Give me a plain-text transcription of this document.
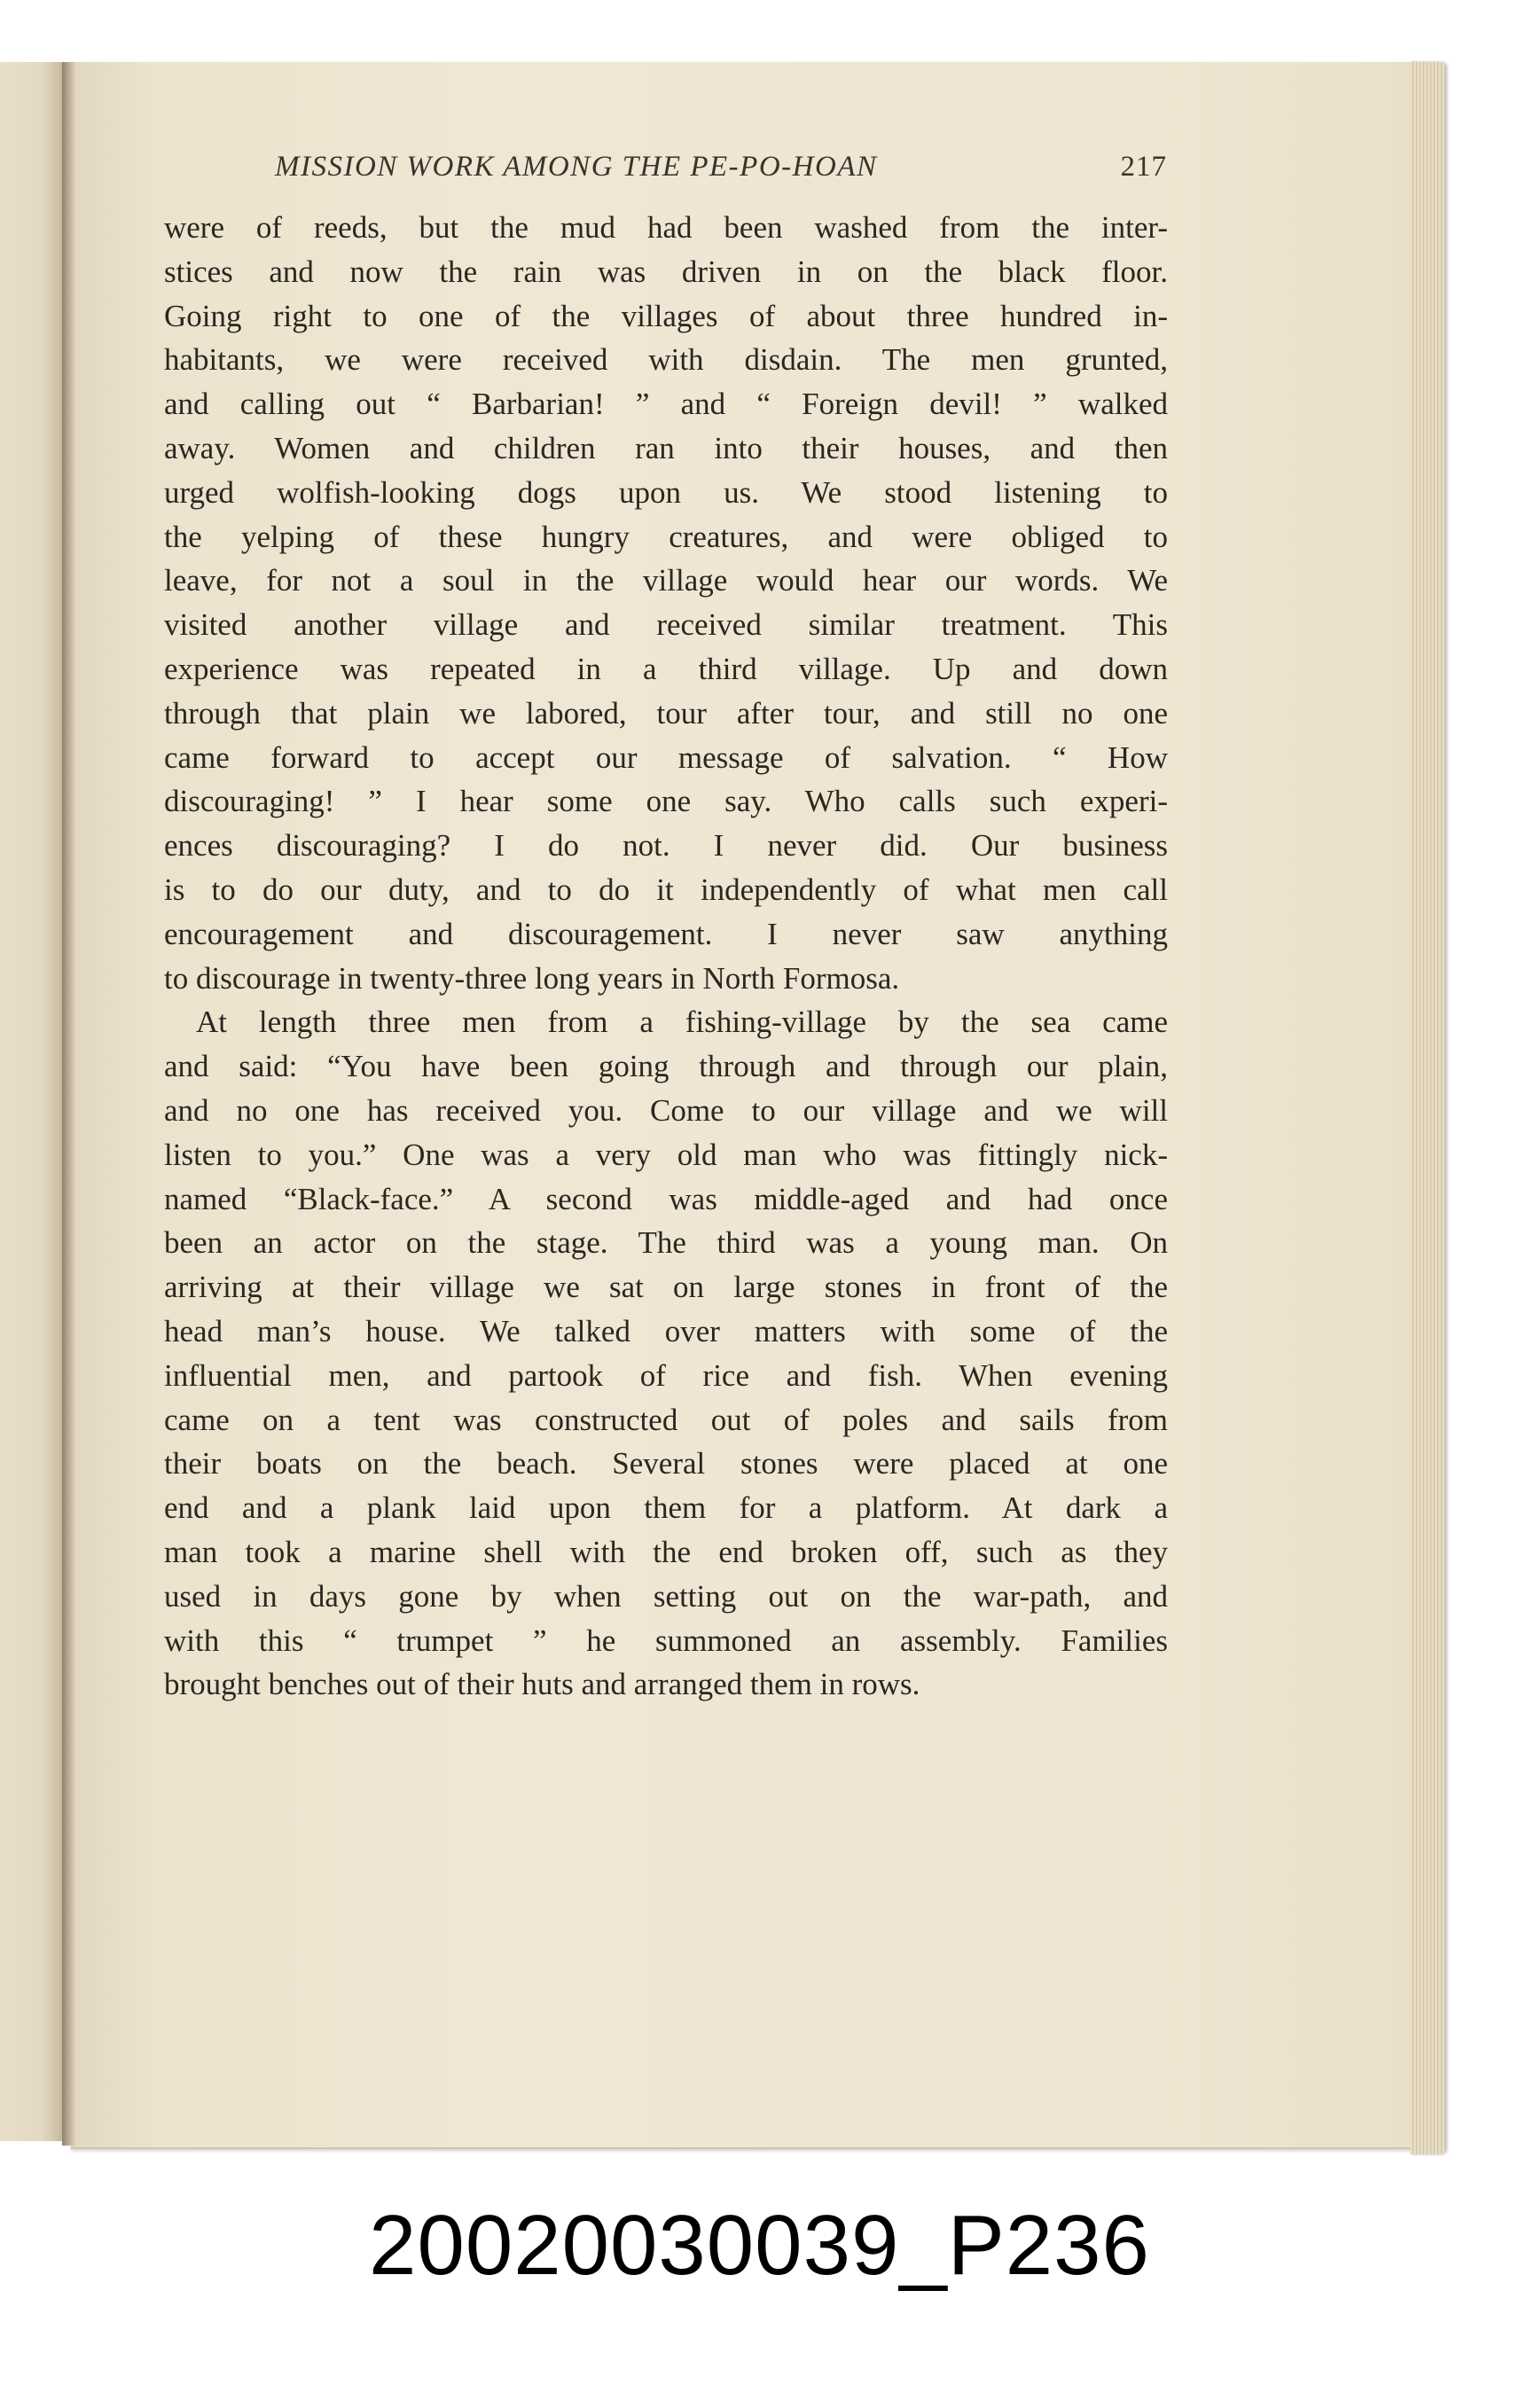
MISSION WORK AMONG THE PE-PO-HOAN	217
were of reeds, but the mud had been washed from the inter-
stices and now the rain was driven in on the black floor.
Going right to one of the villages of about three hundred in-
habitants, we were received with disdain. The men grunted,
and calling out “ Barbarian! ” and “ Foreign devil! ” walked
away. Women and children ran into their houses, and then
urged wolfish-looking dogs upon us. We stood listening to
the yelping of these hungry creatures, and were obliged to
leave, for not a soul in the village would hear our words. We
visited another village and received similar treatment. This
experience was repeated in a third village. Up and down
through that plain we labored, tour after tour, and still no one
came forward to accept our message of salvation. “ How
discouraging! ” I hear some one say. Who calls such experi-
ences discouraging? I do not. I never did. Our business
is to do our duty, and to do it independently of what men call
encouragement and discouragement. I never saw anything
to discourage in twenty-three long years in North Formosa.
At length three men from a fishing-village by the sea came
and said: “You have been going through and through our plain,
and no one has received you. Come to our village and we will
listen to you.” One was a very old man who was fittingly nick-
named “Black-face.” A second was middle-aged and had once
been an actor on the stage. The third was a young man. On
arriving at their village we sat on large stones in front of the
head man’s house. We talked over matters with some of the
influential men, and partook of rice and fish. When evening
came on a tent was constructed out of poles and sails from
their boats on the beach. Several stones were placed at one
end and a plank laid upon them for a platform. At dark a
man took a marine shell with the end broken off, such as they
used in days gone by when setting out on the war-path, and
with this “ trumpet ” he summoned an assembly. Families
brought benches out of their huts and arranged them in rows.
20020030039_P236
